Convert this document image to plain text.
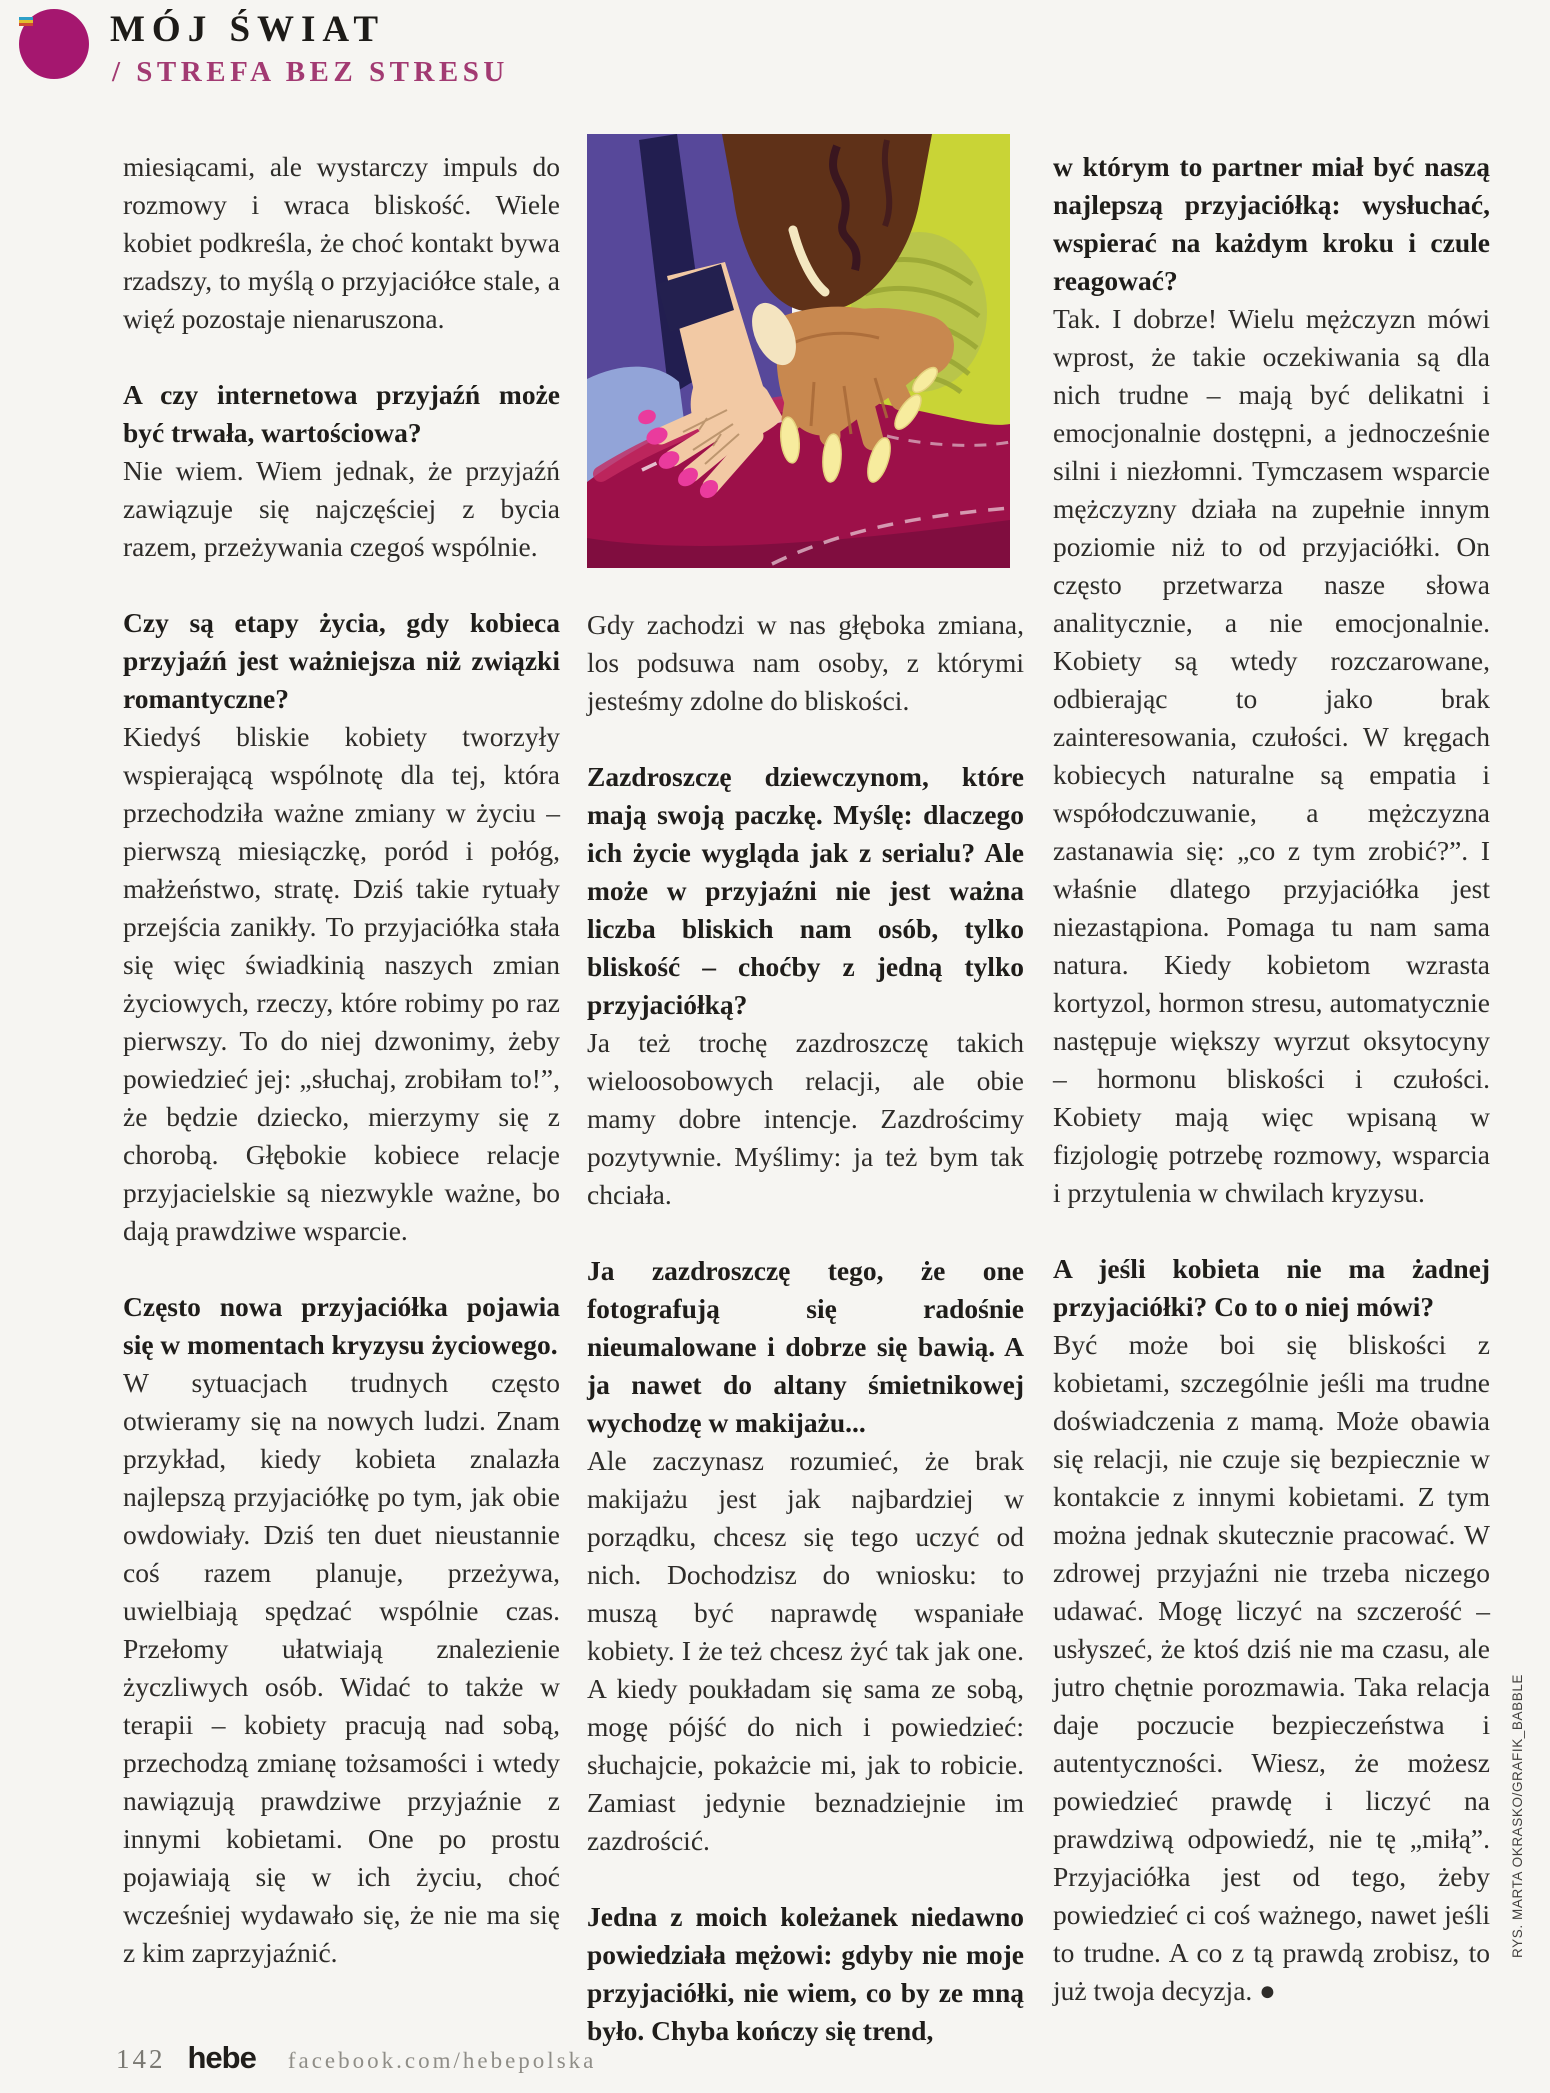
MÓJ ŚWIAT
/ STREFA BEZ STRESU

miesiącami, ale wystarczy impuls do rozmowy i wraca bliskość. Wiele kobiet podkreśla, że choć kontakt bywa rzadszy, to myślą o przyjaciółce stale, a więź pozostaje nienaruszona.

A czy internetowa przyjaźń może być trwała, wartościowa?

Nie wiem. Wiem jednak, że przyjaźń zawiązuje się najczęściej z bycia razem, przeżywania czegoś wspólnie.

Czy są etapy życia, gdy kobieca przyjaźń jest ważniejsza niż związki romantyczne?

Kiedyś bliskie kobiety tworzyły wspierającą wspólnotę dla tej, która przechodziła ważne zmiany w życiu – pierwszą miesiączkę, poród i połóg, małżeństwo, stratę. Dziś takie rytuały przejścia zanikły. To przyjaciółka stała się więc świadkinią naszych zmian życiowych, rzeczy, które robimy po raz pierwszy. To do niej dzwonimy, żeby powiedzieć jej: „słuchaj, zrobiłam to!”, że będzie dziecko, mierzymy się z chorobą. Głębokie kobiece relacje przyjacielskie są niezwykle ważne, bo dają prawdziwe wsparcie.

Często nowa przyjaciółka pojawia się w momentach kryzysu życiowego.

W sytuacjach trudnych często otwieramy się na nowych ludzi. Znam przykład, kiedy kobieta znalazła najlepszą przyjaciółkę po tym, jak obie owdowiały. Dziś ten duet nieustannie coś razem planuje, przeżywa, uwielbiają spędzać wspólnie czas. Przełomy ułatwiają znalezienie życzliwych osób. Widać to także w terapii – kobiety pracują nad sobą, przechodzą zmianę tożsamości i wtedy nawiązują prawdziwe przyjaźnie z innymi kobietami. One po prostu pojawiają się w ich życiu, choć wcześniej wydawało się, że nie ma się z kim zaprzyjaźnić.

Gdy zachodzi w nas głęboka zmiana, los podsuwa nam osoby, z którymi jesteśmy zdolne do bliskości.

Zazdroszczę dziewczynom, które mają swoją paczkę. Myślę: dlaczego ich życie wygląda jak z serialu? Ale może w przyjaźni nie jest ważna liczba bliskich nam osób, tylko bliskość – choćby z jedną tylko przyjaciółką?

Ja też trochę zazdroszczę takich wieloosobowych relacji, ale obie mamy dobre intencje. Zazdrościmy pozytywnie. Myślimy: ja też bym tak chciała.

Ja zazdroszczę tego, że one fotografują się radośnie nieumalowane i dobrze się bawią. A ja nawet do altany śmietnikowej wychodzę w makijażu...

Ale zaczynasz rozumieć, że brak makijażu jest jak najbardziej w porządku, chcesz się tego uczyć od nich. Dochodzisz do wniosku: to muszą być naprawdę wspaniałe kobiety. I że też chcesz żyć tak jak one. A kiedy poukładam się sama ze sobą, mogę pójść do nich i powiedzieć: słuchajcie, pokażcie mi, jak to robicie. Zamiast jedynie beznadziejnie im zazdrościć.

Jedna z moich koleżanek niedawno powiedziała mężowi: gdyby nie moje przyjaciółki, nie wiem, co by ze mną było. Chyba kończy się trend,

w którym to partner miał być naszą najlepszą przyjaciółką: wysłuchać, wspierać na każdym kroku i czule reagować?

Tak. I dobrze! Wielu mężczyzn mówi wprost, że takie oczekiwania są dla nich trudne – mają być delikatni i emocjonalnie dostępni, a jednocześnie silni i niezłomni. Tymczasem wsparcie mężczyzny działa na zupełnie innym poziomie niż to od przyjaciółki. On często przetwarza nasze słowa analitycznie, a nie emocjonalnie. Kobiety są wtedy rozczarowane, odbierając to jako brak zainteresowania, czułości. W kręgach kobiecych naturalne są empatia i współodczuwanie, a mężczyzna zastanawia się: „co z tym zrobić?”. I właśnie dlatego przyjaciółka jest niezastąpiona. Pomaga tu nam sama natura. Kiedy kobietom wzrasta kortyzol, hormon stresu, automatycznie następuje większy wyrzut oksytocyny – hormonu bliskości i czułości. Kobiety mają więc wpisaną w fizjologię potrzebę rozmowy, wsparcia i przytulenia w chwilach kryzysu.

A jeśli kobieta nie ma żadnej przyjaciółki? Co to o niej mówi?

Być może boi się bliskości z kobietami, szczególnie jeśli ma trudne doświadczenia z mamą. Może obawia się relacji, nie czuje się bezpiecznie w kontakcie z innymi kobietami. Z tym można jednak skutecznie pracować. W zdrowej przyjaźni nie trzeba niczego udawać. Mogę liczyć na szczerość – usłyszeć, że ktoś dziś nie ma czasu, ale jutro chętnie porozmawia. Taka relacja daje poczucie bezpieczeństwa i autentyczności. Wiesz, że możesz powiedzieć prawdę i liczyć na prawdziwą odpowiedź, nie tę „miłą”. Przyjaciółka jest od tego, żeby powiedzieć ci coś ważnego, nawet jeśli to trudne. A co z tą prawdą zrobisz, to już twoja decyzja. ●

RYS. MARTA OKRASKO/GRAFIK_BABBLE
142 hebe facebook.com/hebepolska
